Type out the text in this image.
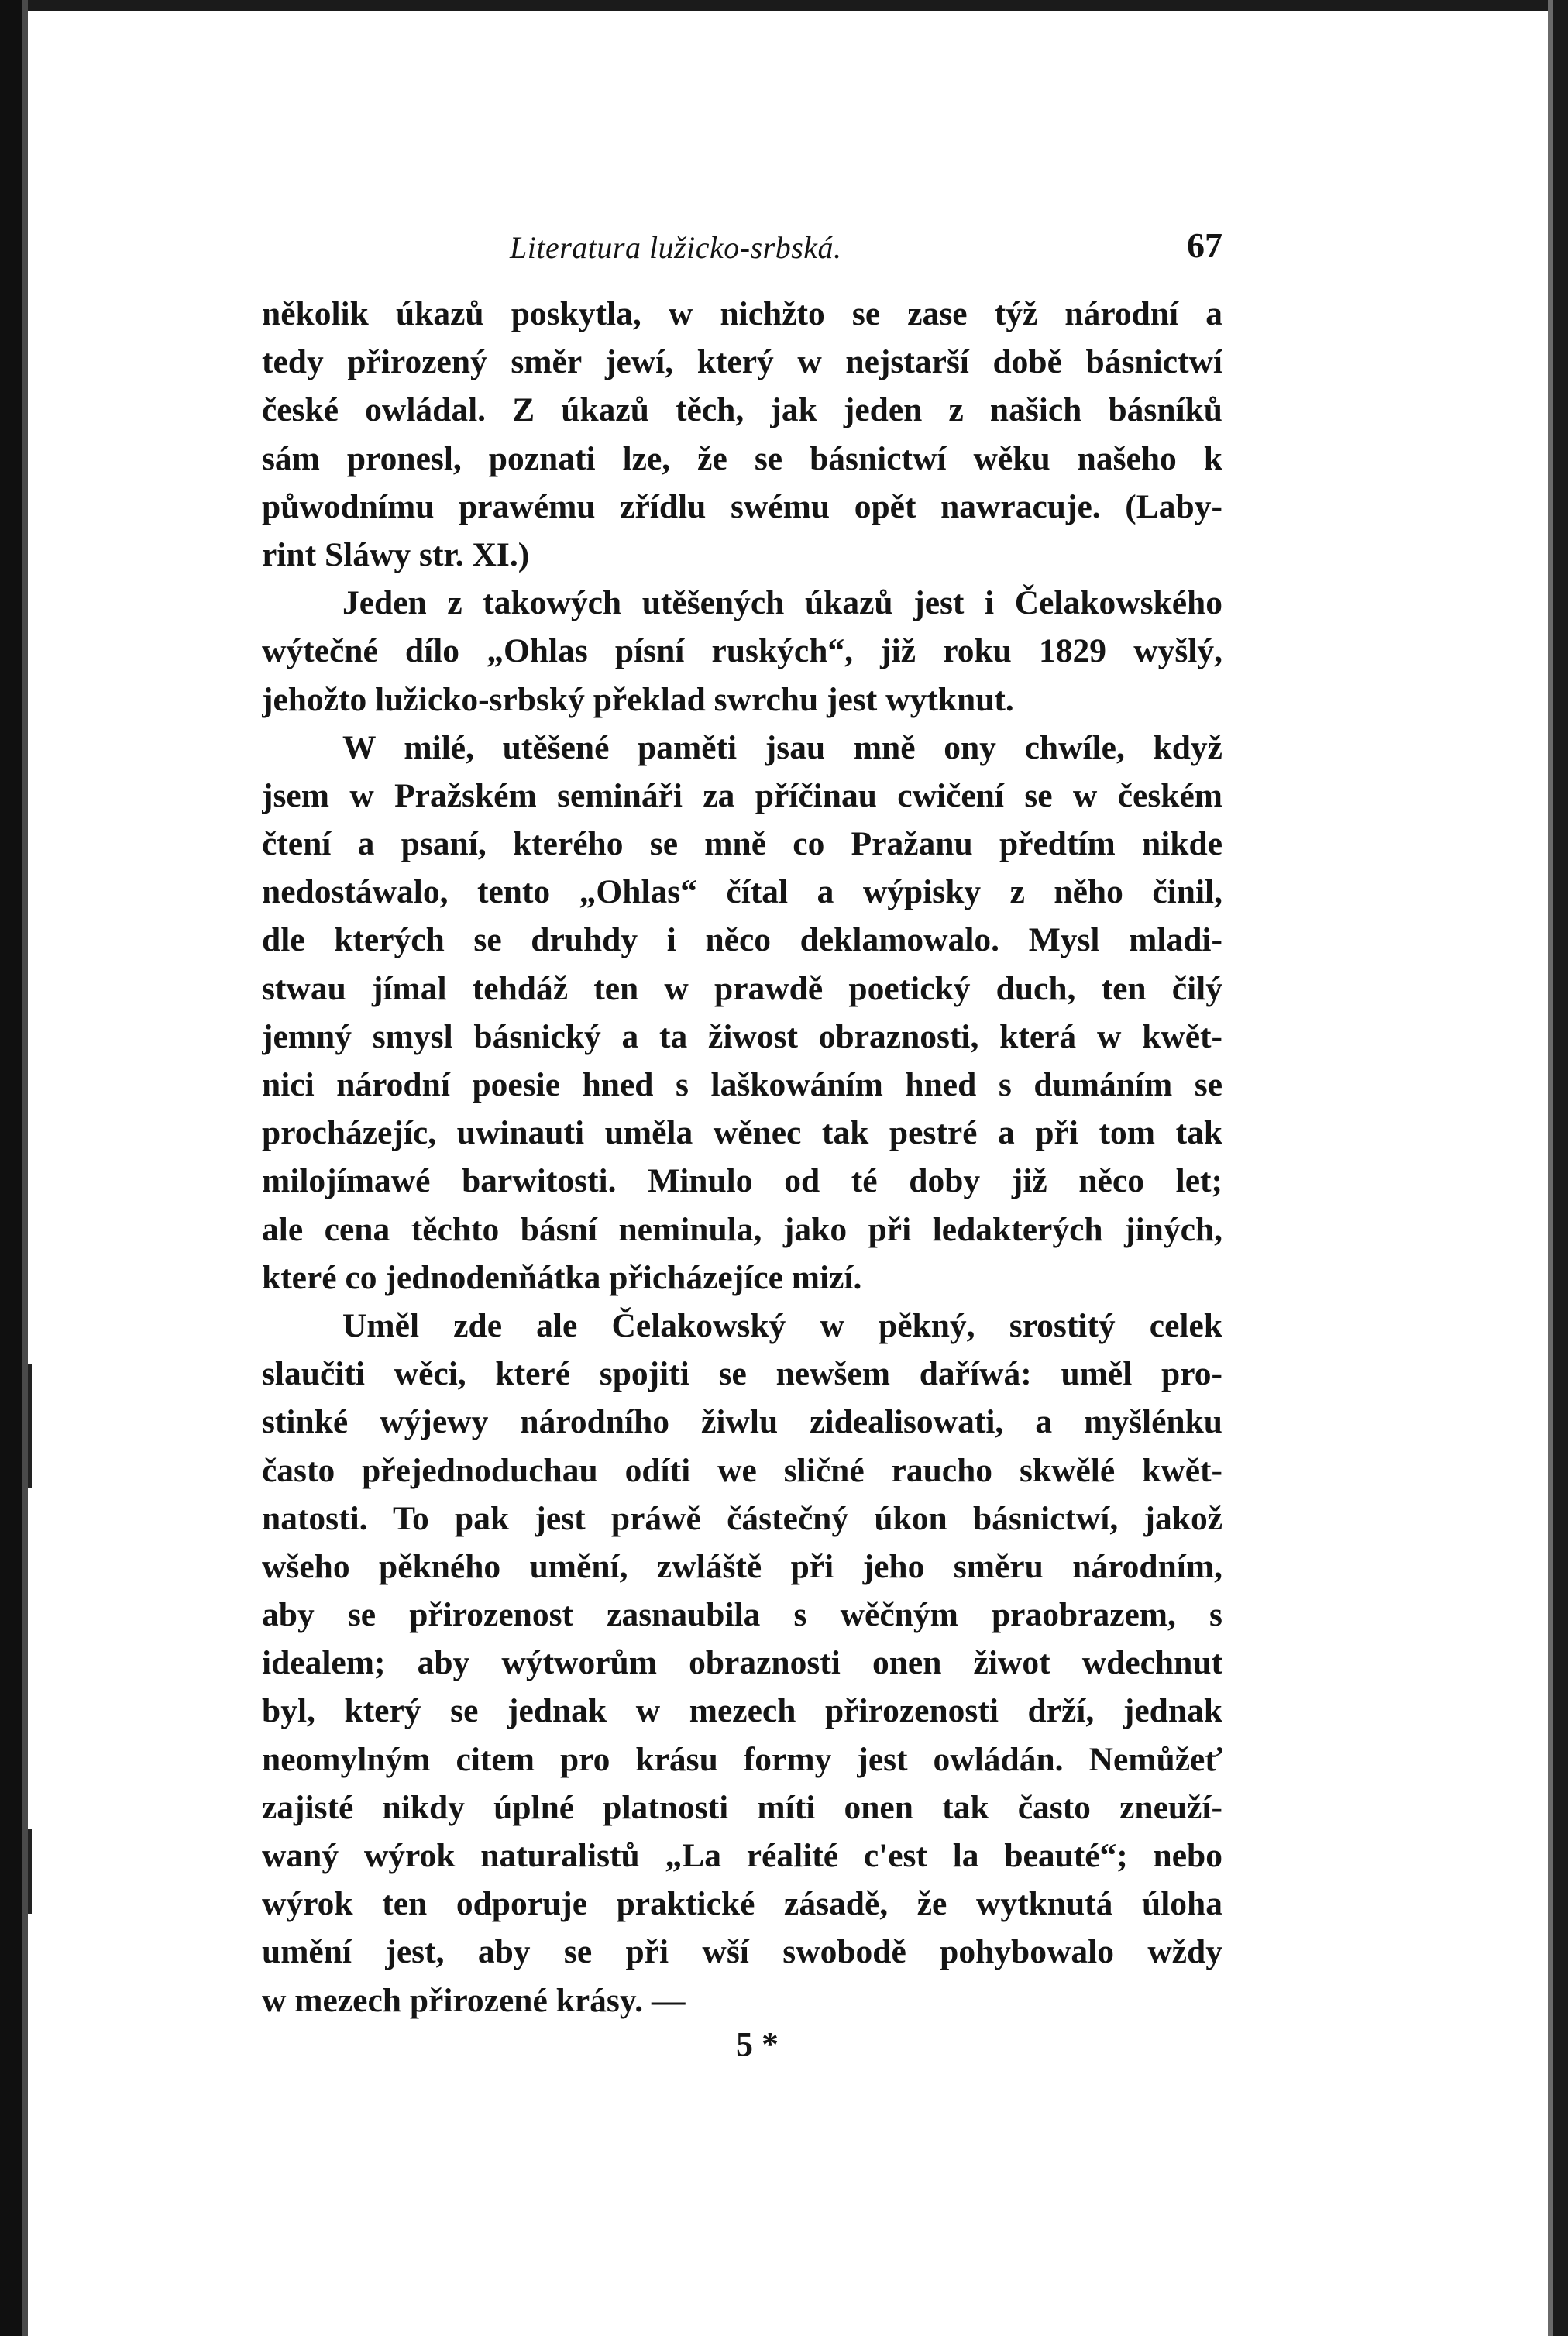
Literatura lužicko-srbská.	67
několik úkazů poskytla, w nichžto se zase týž národní a
tedy přirozený směr jewí, který w nejstarší době básnictwí
české owládal. Z úkazů těch, jak jeden z našich básníků
sám pronesl, poznati lze, že se básnictwí wěku našeho k
půwodnímu prawému zřídlu swému opět nawracuje. (Laby-
rint Sláwy str. XI.)
Jeden z takowých utěšených úkazů jest i Čelakowského
wýtečné dílo „Ohlas písní ruských“, již roku 1829 wyšlý,
jehožto lužicko-srbský překlad swrchu jest wytknut.
W milé, utěšené paměti jsau mně ony chwíle, když
jsem w Pražském semináři za příčinau cwičení se w českém
čtení a psaní, kterého se mně co Pražanu předtím nikde
nedostáwalo, tento „Ohlas“ čítal a wýpisky z něho činil,
dle kterých se druhdy i něco deklamowalo. Mysl mladi-
stwau jímal tehdáž ten w prawdě poetický duch, ten čilý
jemný smysl básnický a ta žiwost obraznosti, která w kwět-
nici národní poesie hned s laškowáním hned s dumáním se
procházejíc, uwinauti uměla wěnec tak pestré a při tom tak
milojímawé barwitosti. Minulo od té doby již něco let;
ale cena těchto básní neminula, jako při ledakterých jiných,
které co jednodenňátka přicházejíce mizí.
Uměl zde ale Čelakowský w pěkný, srostitý celek
slaučiti wěci, které spojiti se newšem daříwá: uměl pro-
stinké wýjewy národního žiwlu zidealisowati, a myšlénku
často přejednoduchau odíti we sličné raucho skwělé kwět-
natosti. To pak jest práwě částečný úkon básnictwí, jakož
wšeho pěkného umění, zwláště při jeho směru národním,
aby se přirozenost zasnaubila s wěčným praobrazem, s
idealem; aby wýtworům obraznosti onen žiwot wdechnut
byl, který se jednak w mezech přirozenosti drží, jednak
neomylným citem pro krásu formy jest owládán. Nemůžeť
zajisté nikdy úplné platnosti míti onen tak často zneuží-
waný wýrok naturalistů „La réalité c'est la beauté“; nebo
wýrok ten odporuje praktické zásadě, že wytknutá úloha
umění jest, aby se při wší swobodě pohybowalo wždy
w mezech přirozené krásy. —
5 *
